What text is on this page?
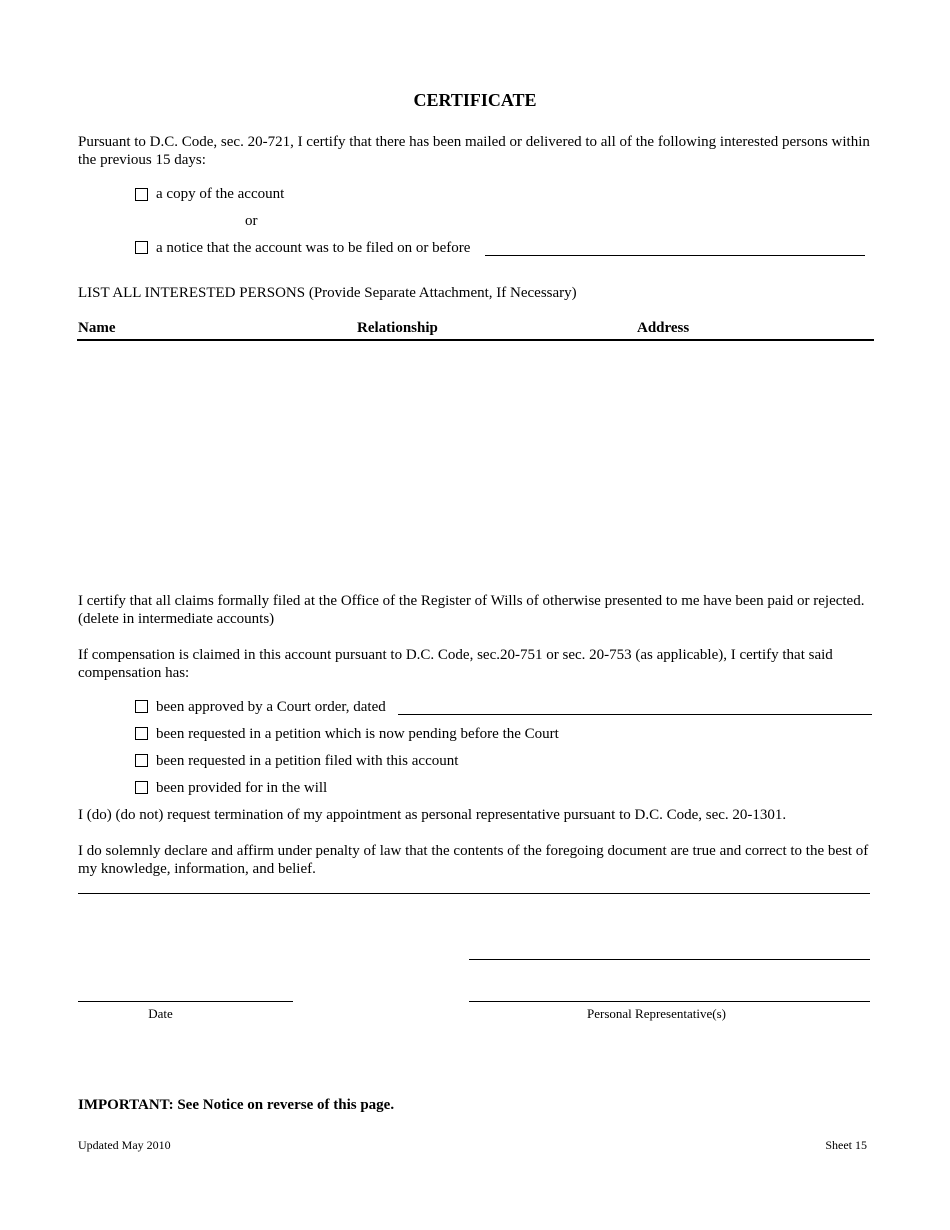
CERTIFICATE
Pursuant to D.C. Code, sec. 20-721, I certify that there has been mailed or delivered to all of the following interested persons within the previous 15 days:
a copy of the account
or
a notice that the account was to be filed on or before
LIST ALL INTERESTED PERSONS (Provide Separate Attachment, If Necessary)
Name	Relationship	Address
I certify that all claims formally filed at the Office of the Register of Wills of otherwise presented to me have been paid or rejected. (delete in intermediate accounts)
If compensation is claimed in this account pursuant to D.C. Code, sec.20-751 or sec. 20-753 (as applicable), I certify that said compensation has:
been approved by a Court order, dated
been requested in a petition which is now pending before the Court
been requested in a petition filed with this account
been provided for in the will
I (do) (do not) request termination of my appointment as personal representative pursuant to D.C. Code, sec. 20-1301.
I do solemnly declare and affirm under penalty of law that the contents of the foregoing document are true and correct to the best of my knowledge, information, and belief.
Date	Personal Representative(s)
IMPORTANT: See Notice on reverse of this page.
Updated May 2010	Sheet 15
